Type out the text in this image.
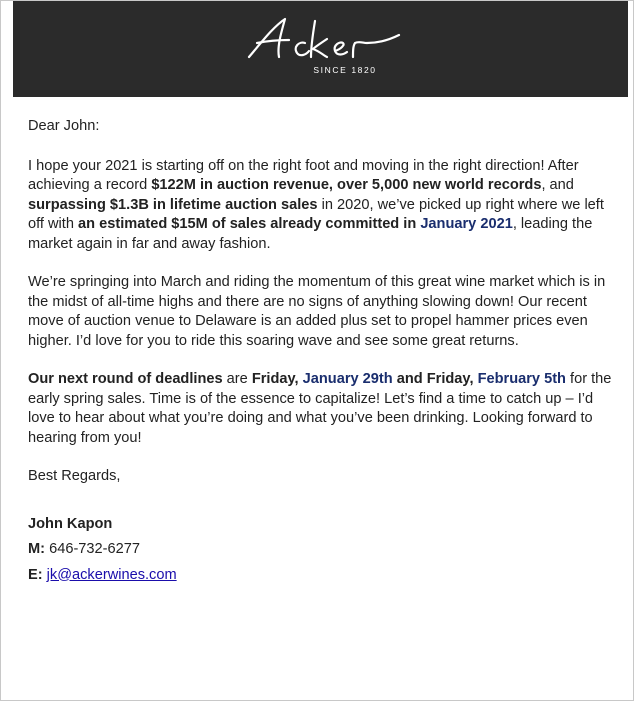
SINCE 1820

Dear John:

I hope your 2021 is starting off on the right foot and moving in the right direction! After achieving a record $122M in auction revenue, over 5,000 new world records, and surpassing $1.3B in lifetime auction sales in 2020, we’ve picked up right where we left off with an estimated $15M of sales already committed in January 2021, leading the market again in far and away fashion.

We’re springing into March and riding the momentum of this great wine market which is in the midst of all-time highs and there are no signs of anything slowing down! Our recent move of auction venue to Delaware is an added plus set to propel hammer prices even higher. I’d love for you to ride this soaring wave and see some great returns.

Our next round of deadlines are Friday, January 29th and Friday, February 5th for the early spring sales. Time is of the essence to capitalize! Let’s find a time to catch up – I’d love to hear about what you’re doing and what you’ve been drinking. Looking forward to hearing from you!

Best Regards,

John Kapon

M: 646-732-6277

E: jk@ackerwines.com
